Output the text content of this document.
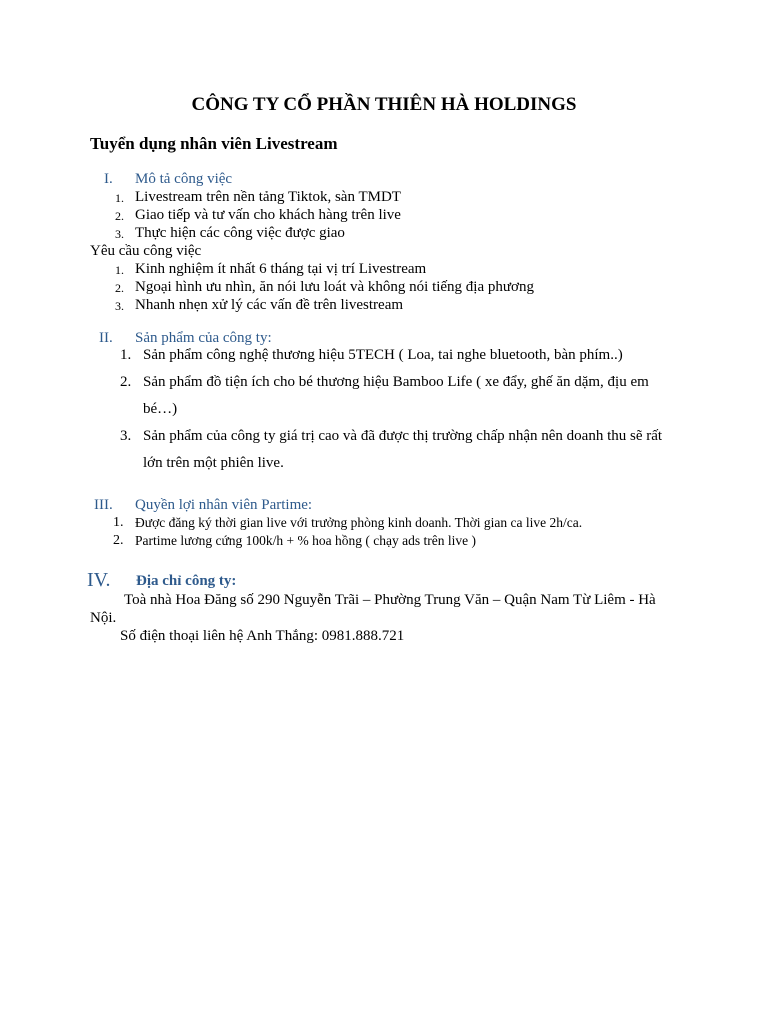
CÔNG TY CỔ PHẦN THIÊN HÀ HOLDINGS
Tuyển dụng nhân viên Livestream
I. Mô tả công việc
1. Livestream trên nền tảng Tiktok, sàn TMDT
2. Giao tiếp và tư vấn cho khách hàng trên live
3. Thực hiện các công việc được giao
Yêu cầu công việc
1. Kinh nghiệm ít nhất 6 tháng tại vị trí Livestream
2. Ngoại hình ưu nhìn, ăn nói lưu loát và không nói tiếng địa phương
3. Nhanh nhẹn xử lý các vấn đề trên livestream
II. Sản phẩm của công ty:
1. Sản phẩm công nghệ thương hiệu 5TECH ( Loa, tai nghe bluetooth, bàn phím..)
2. Sản phẩm đồ tiện ích cho bé thương hiệu Bamboo Life ( xe đẩy, ghế ăn dặm, địu em
bé…)
3. Sản phẩm của công ty giá trị cao và đã được thị trường chấp nhận nên doanh thu sẽ rất
lớn trên một phiên live.
III. Quyền lợi nhân viên Partime:
1. Được đăng ký thời gian live với trưởng phòng kinh doanh. Thời gian ca live 2h/ca.
2. Partime lương cứng 100k/h + % hoa hồng ( chạy ads trên live )
IV. Địa chỉ công ty:
Toà nhà Hoa Đăng số 290 Nguyễn Trãi – Phường Trung Văn – Quận Nam Từ Liêm - Hà
Nội.
Số điện thoại liên hệ Anh Thắng: 0981.888.721
